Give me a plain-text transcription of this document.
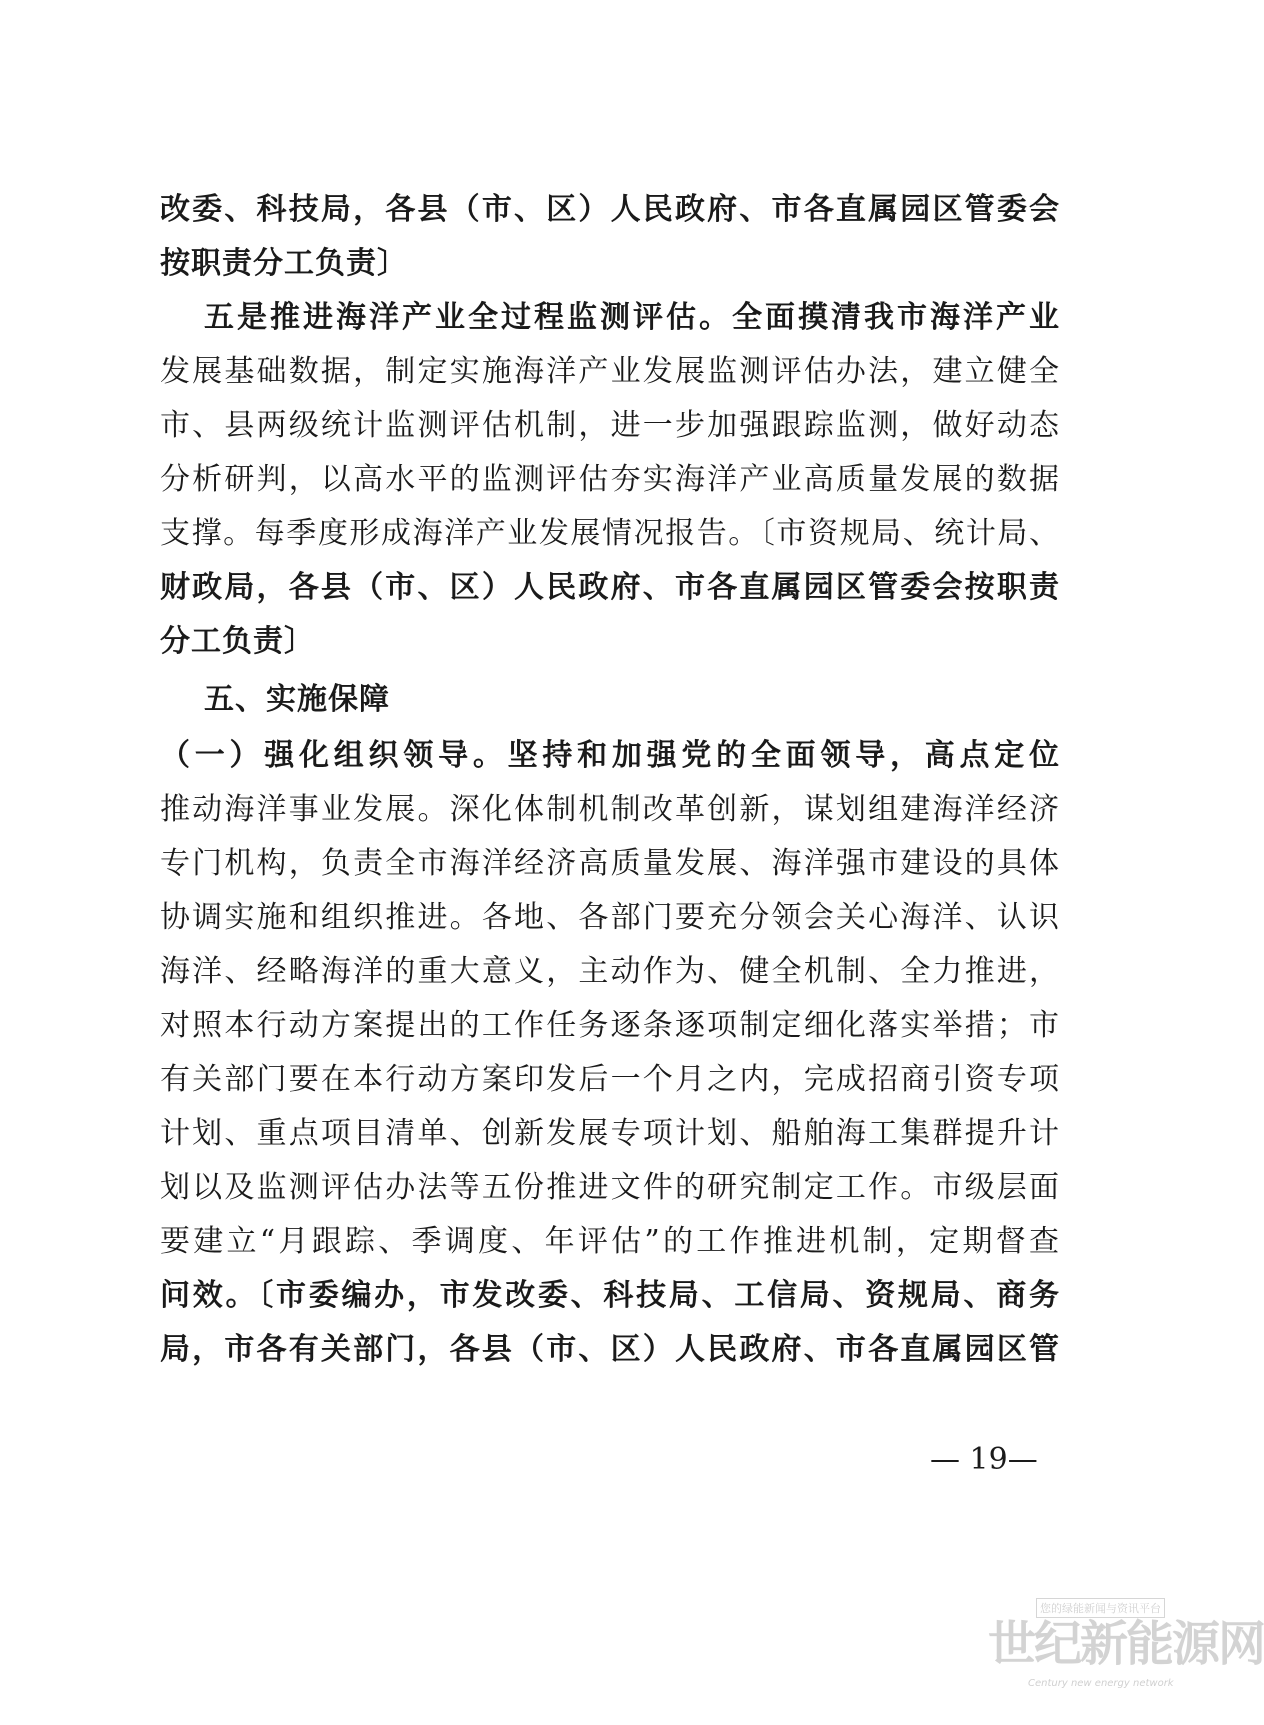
改委、科技局，各县（市、区）人民政府、市各直属园区管委会
按职责分工负责〕
五是推进海洋产业全过程监测评估。全面摸清我市海洋产业
发展基础数据，制定实施海洋产业发展监测评估办法，建立健全
市、县两级统计监测评估机制，进一步加强跟踪监测，做好动态
分析研判，以高水平的监测评估夯实海洋产业高质量发展的数据
支撑。每季度形成海洋产业发展情况报告。〔市资规局、统计局、
财政局，各县（市、区）人民政府、市各直属园区管委会按职责
分工负责〕
五、实施保障
（一）强化组织领导。坚持和加强党的全面领导，高点定位
推动海洋事业发展。深化体制机制改革创新，谋划组建海洋经济
专门机构，负责全市海洋经济高质量发展、海洋强市建设的具体
协调实施和组织推进。各地、各部门要充分领会关心海洋、认识
海洋、经略海洋的重大意义，主动作为、健全机制、全力推进，
对照本行动方案提出的工作任务逐条逐项制定细化落实举措；市
有关部门要在本行动方案印发后一个月之内，完成招商引资专项
计划、重点项目清单、创新发展专项计划、船舶海工集群提升计
划以及监测评估办法等五份推进文件的研究制定工作。市级层面
要建立“月跟踪、季调度、年评估”的工作推进机制，定期督查
问效。〔市委编办，市发改委、科技局、工信局、资规局、商务
局，市各有关部门，各县（市、区）人民政府、市各直属园区管
— 19—
您的绿能新闻与资讯平台
世纪新能源网
Century new energy network
